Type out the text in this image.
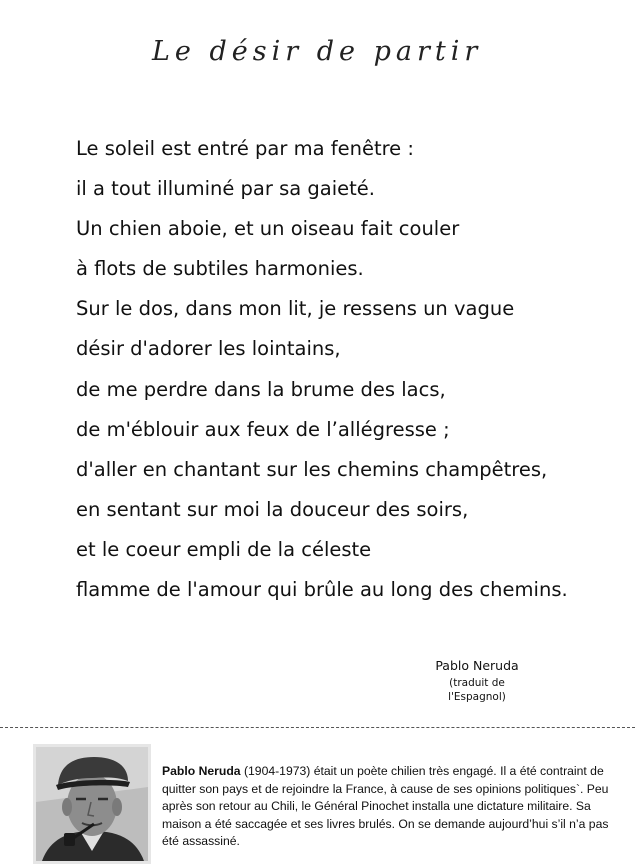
Le désir de partir
Le soleil est entré par ma fenêtre :
il a tout illuminé par sa gaieté.
Un chien aboie, et un oiseau fait couler
à flots de subtiles harmonies.
Sur le dos, dans mon lit, je ressens un vague
désir d'adorer les lointains,
de me perdre dans la brume des lacs,
de m'éblouir aux feux de l’allégresse ;
d'aller en chantant sur les chemins champêtres,
en sentant sur moi la douceur des soirs,
et le coeur empli de la céleste
flamme de l'amour qui brûle au long des chemins.
Pablo Neruda
(traduit de l'Espagnol)

Pablo Neruda (1904-1973) était un poète chilien très engagé. Il a été contraint de quitter son pays et de rejoindre la France, à cause de ses opinions politiques`. Peu après son retour au Chili, le Général Pinochet installa une dictature militaire. Sa maison a été saccagée et ses livres brulés. On se demande aujourd’hui s’il n’a pas été assassiné.
